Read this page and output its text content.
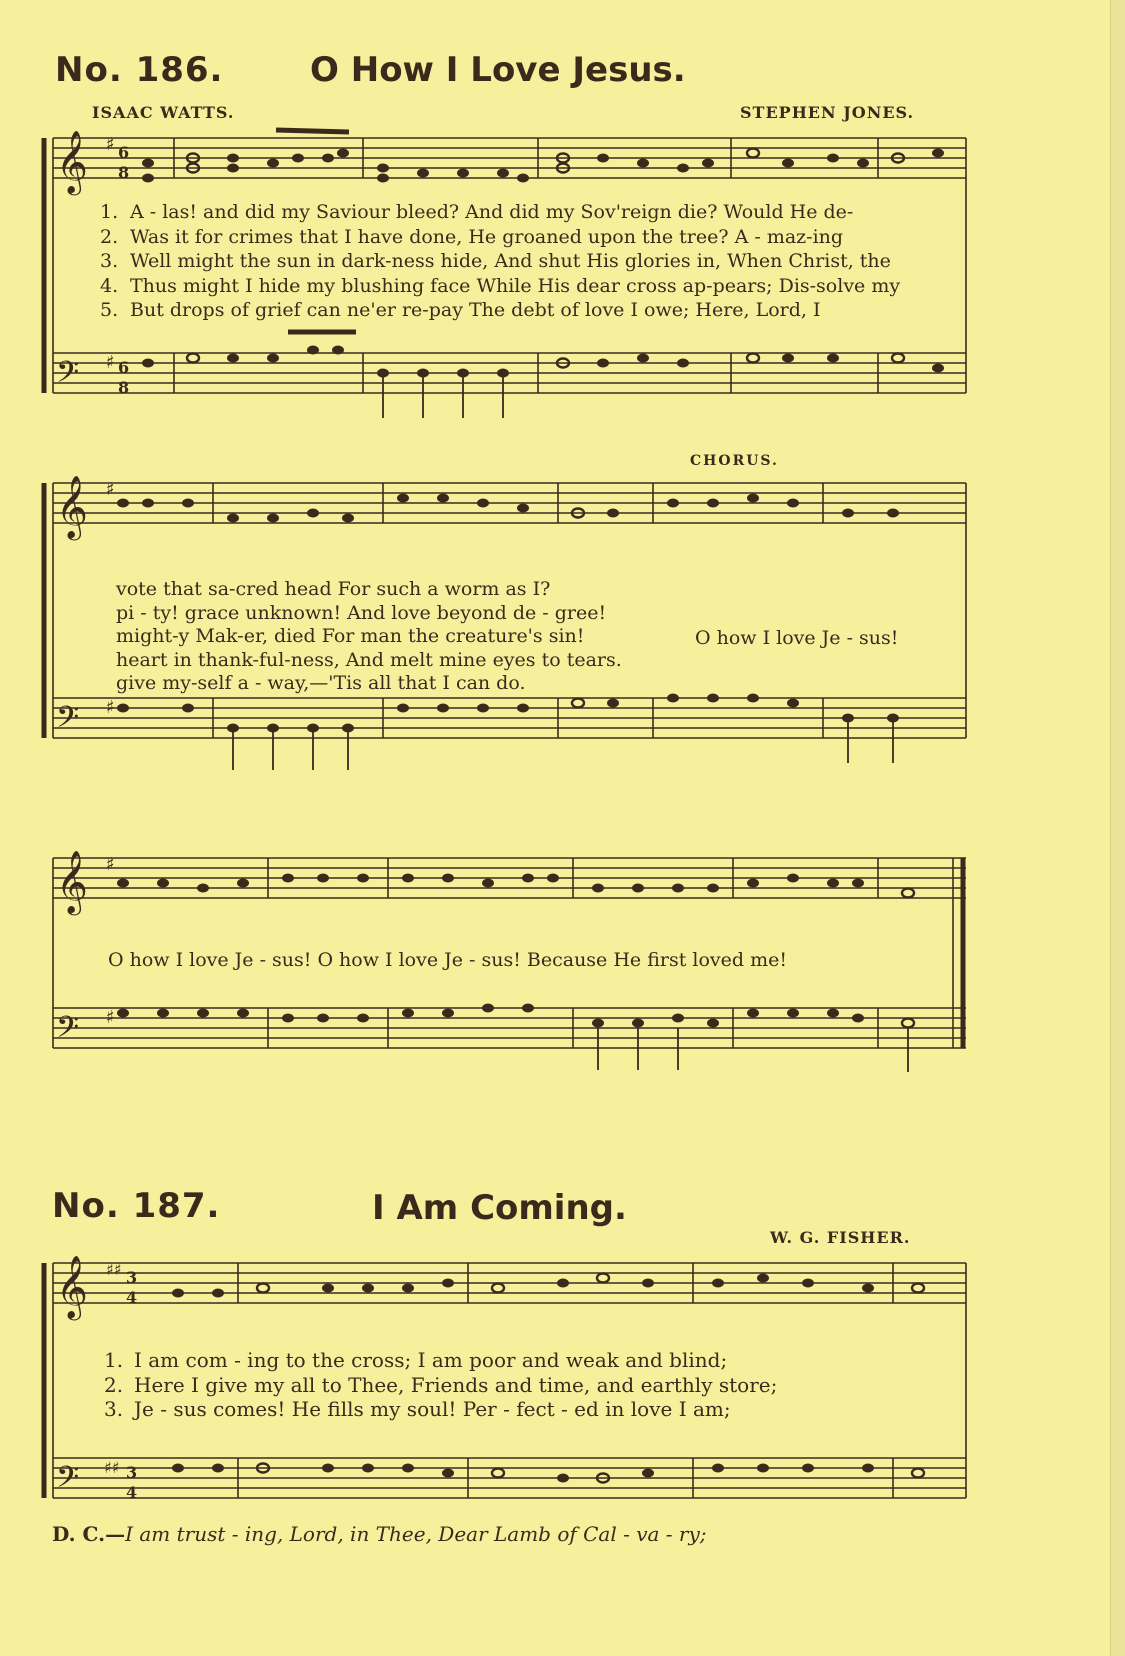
No. 186.	O How I Love Jesus.
ISAAC WATTS.	STEPHEN JONES.
𝄞 6
8
♯
𝄢 6
8
♯
1. A - las! and did my Saviour bleed? And did my Sov'reign die? Would He de-
2. Was it for crimes that I have done, He groaned upon the tree? A - maz-ing
3. Well might the sun in dark-ness hide, And shut His glories in, When Christ, the
4. Thus might I hide my blushing face While His dear cross ap-pears; Dis-solve my
5. But drops of grief can ne'er re-pay The debt of love I owe; Here, Lord, I
CHORUS.
𝄞 ♯
𝄢 ♯
vote that sa-cred head For such a worm as I?
pi - ty! grace unknown! And love beyond de - gree!
might-y Mak-er, died For man the creature's sin!
heart in thank-ful-ness, And melt mine eyes to tears.
give my-self a - way,—'Tis all that I can do.
O how I love Je - sus!
𝄞 ♯
𝄢 ♯
O how I love Je - sus! O how I love Je - sus! Because He first loved me!
No. 187.	I Am Coming.
W. G. FISHER.
𝄞 ♯♯ 3
4
𝄢 ♯♯ 3
4
1. I am com - ing to the cross; I am poor and weak and blind;
2. Here I give my all to Thee, Friends and time, and earthly store;
3. Je - sus comes! He fills my soul! Per - fect - ed in love I am;
D. C.—I am trust - ing, Lord, in Thee, Dear Lamb of Cal - va - ry;
